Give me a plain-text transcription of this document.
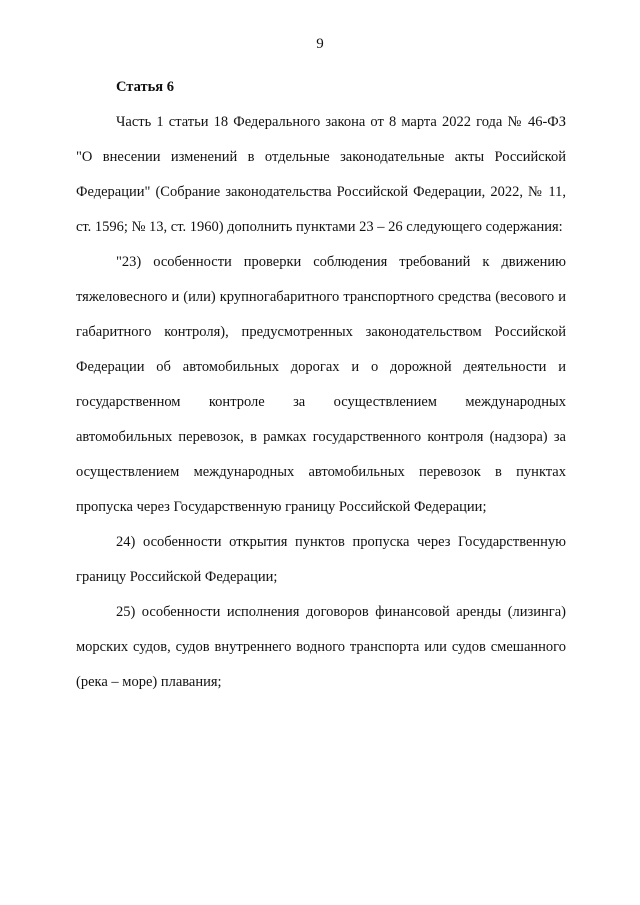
9

Статья 6

Часть 1 статьи 18 Федерального закона от 8 марта 2022 года № 46-ФЗ "О внесении изменений в отдельные законодательные акты Российской Федерации" (Собрание законодательства Российской Федерации, 2022, № 11, ст. 1596; № 13, ст. 1960) дополнить пунктами 23 – 26 следующего содержания:

"23) особенности проверки соблюдения требований к движению тяжеловесного и (или) крупногабаритного транспортного средства (весового и габаритного контроля), предусмотренных законодательством Российской Федерации об автомобильных дорогах и о дорожной деятельности и государственном контроле за осуществлением международных автомобильных перевозок, в рамках государственного контроля (надзора) за осуществлением международных автомобильных перевозок в пунктах пропуска через Государственную границу Российской Федерации;

24) особенности открытия пунктов пропуска через Государственную границу Российской Федерации;

25) особенности исполнения договоров финансовой аренды (лизинга) морских судов, судов внутреннего водного транспорта или судов смешанного (река – море) плавания;
